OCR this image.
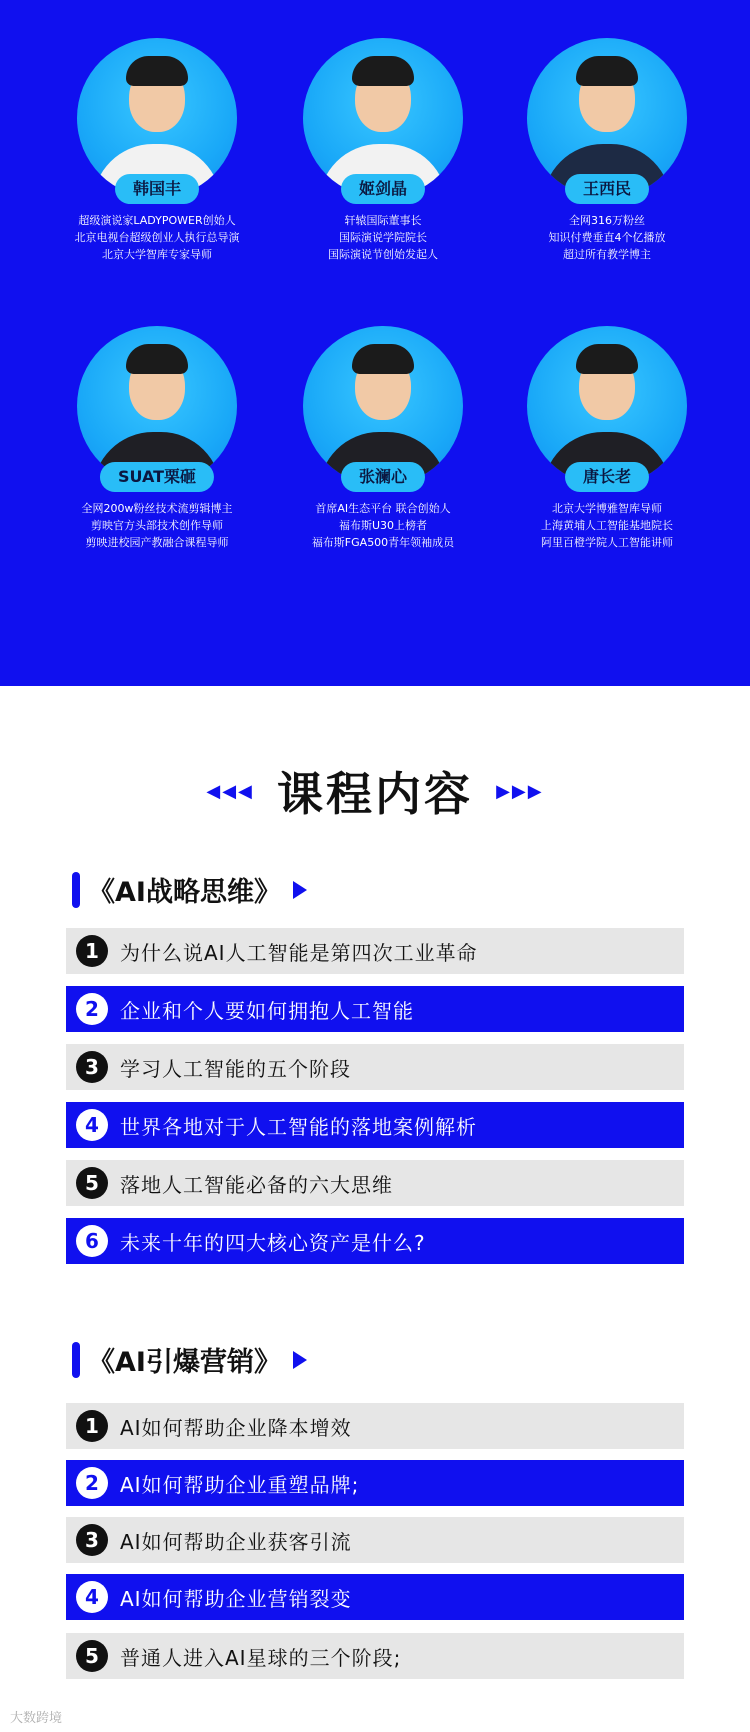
韩国丰
超级演说家LADYPOWER创始人
北京电视台超级创业人执行总导演
北京大学智库专家导师
姬剑晶
轩辕国际董事长
国际演说学院院长
国际演说节创始发起人
王西民
全网316万粉丝
知识付费垂直4个亿播放
超过所有教学博主
SUAT栗砸
全网200w粉丝技术流剪辑博主
剪映官方头部技术创作导师
剪映进校园产教融合课程导师
张澜心
首席AI生态平台 联合创始人
福布斯U30上榜者
福布斯FGA500青年领袖成员
唐长老
北京大学博雅智库导师
上海黄埔人工智能基地院长
阿里百橙学院人工智能讲师
◀◀◀ 课程内容 ▶▶▶
《AI战略思维》
1	为什么说AI人工智能是第四次工业革命
2	企业和个人要如何拥抱人工智能
3	学习人工智能的五个阶段
4	世界各地对于人工智能的落地案例解析
5	落地人工智能必备的六大思维
6	未来十年的四大核心资产是什么?
《AI引爆营销》
1	AI如何帮助企业降本增效
2	AI如何帮助企业重塑品牌;
3	AI如何帮助企业获客引流
4	AI如何帮助企业营销裂变
5	普通人进入AI星球的三个阶段;
大数跨境
